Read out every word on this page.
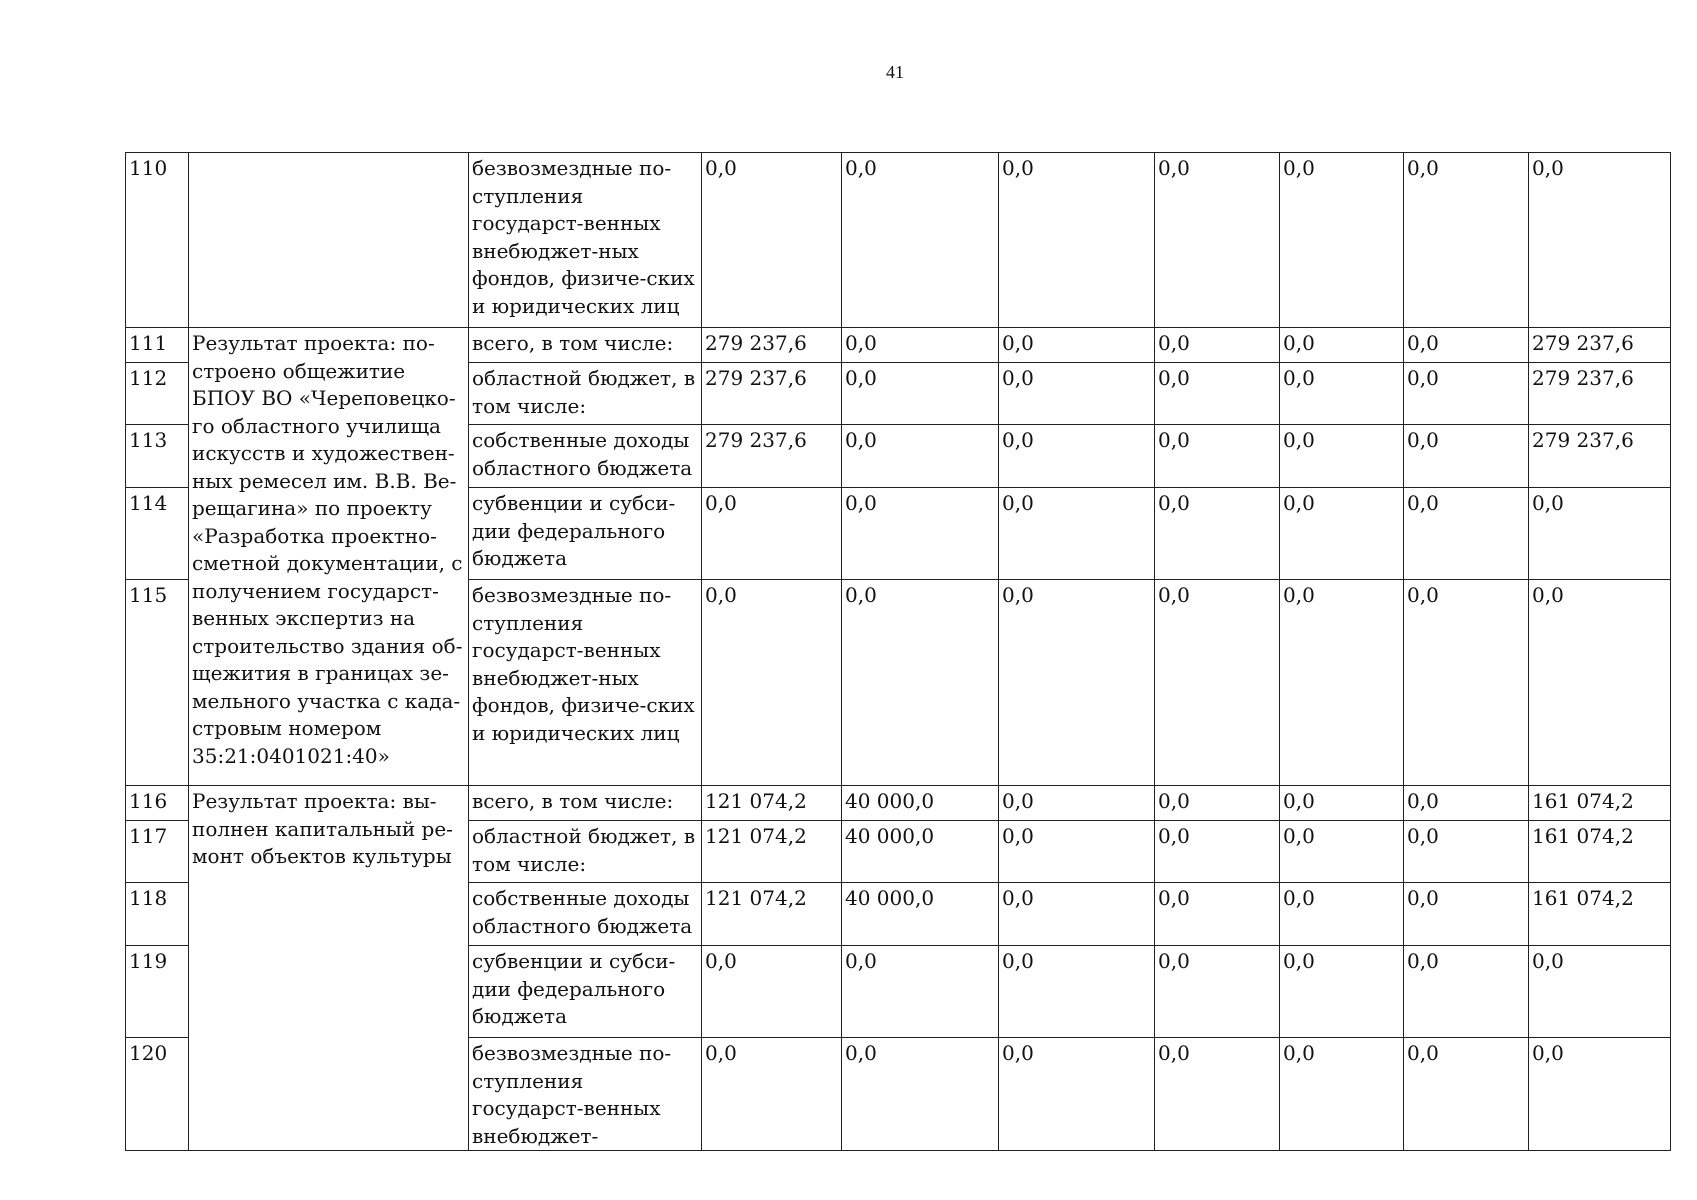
41
110		безвозмездные по-ступления государст-венных внебюджет-ных фондов, физиче-ских и юридических лиц	0,0	0,0	0,0	0,0	0,0	0,0	0,0
111	Результат проекта: по-строено общежитие БПОУ ВО «Череповецко-го областного училища искусств и художествен-ных ремесел им. В.В. Ве-рещагина» по проекту «Разработка проектно-сметной документации, с получением государст-венных экспертиз на строительство здания об-щежития в границах зе-мельного участка с када-стровым номером 35:21:0401021:40»	всего, в том числе:	279 237,6	0,0	0,0	0,0	0,0	0,0	279 237,6
112		областной бюджет, в том числе:	279 237,6	0,0	0,0	0,0	0,0	0,0	279 237,6
113		собственные доходы областного бюджета	279 237,6	0,0	0,0	0,0	0,0	0,0	279 237,6
114		субвенции и субси-дии федерального бюджета	0,0	0,0	0,0	0,0	0,0	0,0	0,0
115		безвозмездные по-ступления государст-венных внебюджет-ных фондов, физиче-ских и юридических лиц	0,0	0,0	0,0	0,0	0,0	0,0	0,0
116	Результат проекта: вы-полнен капитальный ре-монт объектов культуры	всего, в том числе:	121 074,2	40 000,0	0,0	0,0	0,0	0,0	161 074,2
117		областной бюджет, в том числе:	121 074,2	40 000,0	0,0	0,0	0,0	0,0	161 074,2
118		собственные доходы областного бюджета	121 074,2	40 000,0	0,0	0,0	0,0	0,0	161 074,2
119		субвенции и субси-дии федерального бюджета	0,0	0,0	0,0	0,0	0,0	0,0	0,0
120		безвозмездные по-ступления государст-венных внебюджет-	0,0	0,0	0,0	0,0	0,0	0,0	0,0
